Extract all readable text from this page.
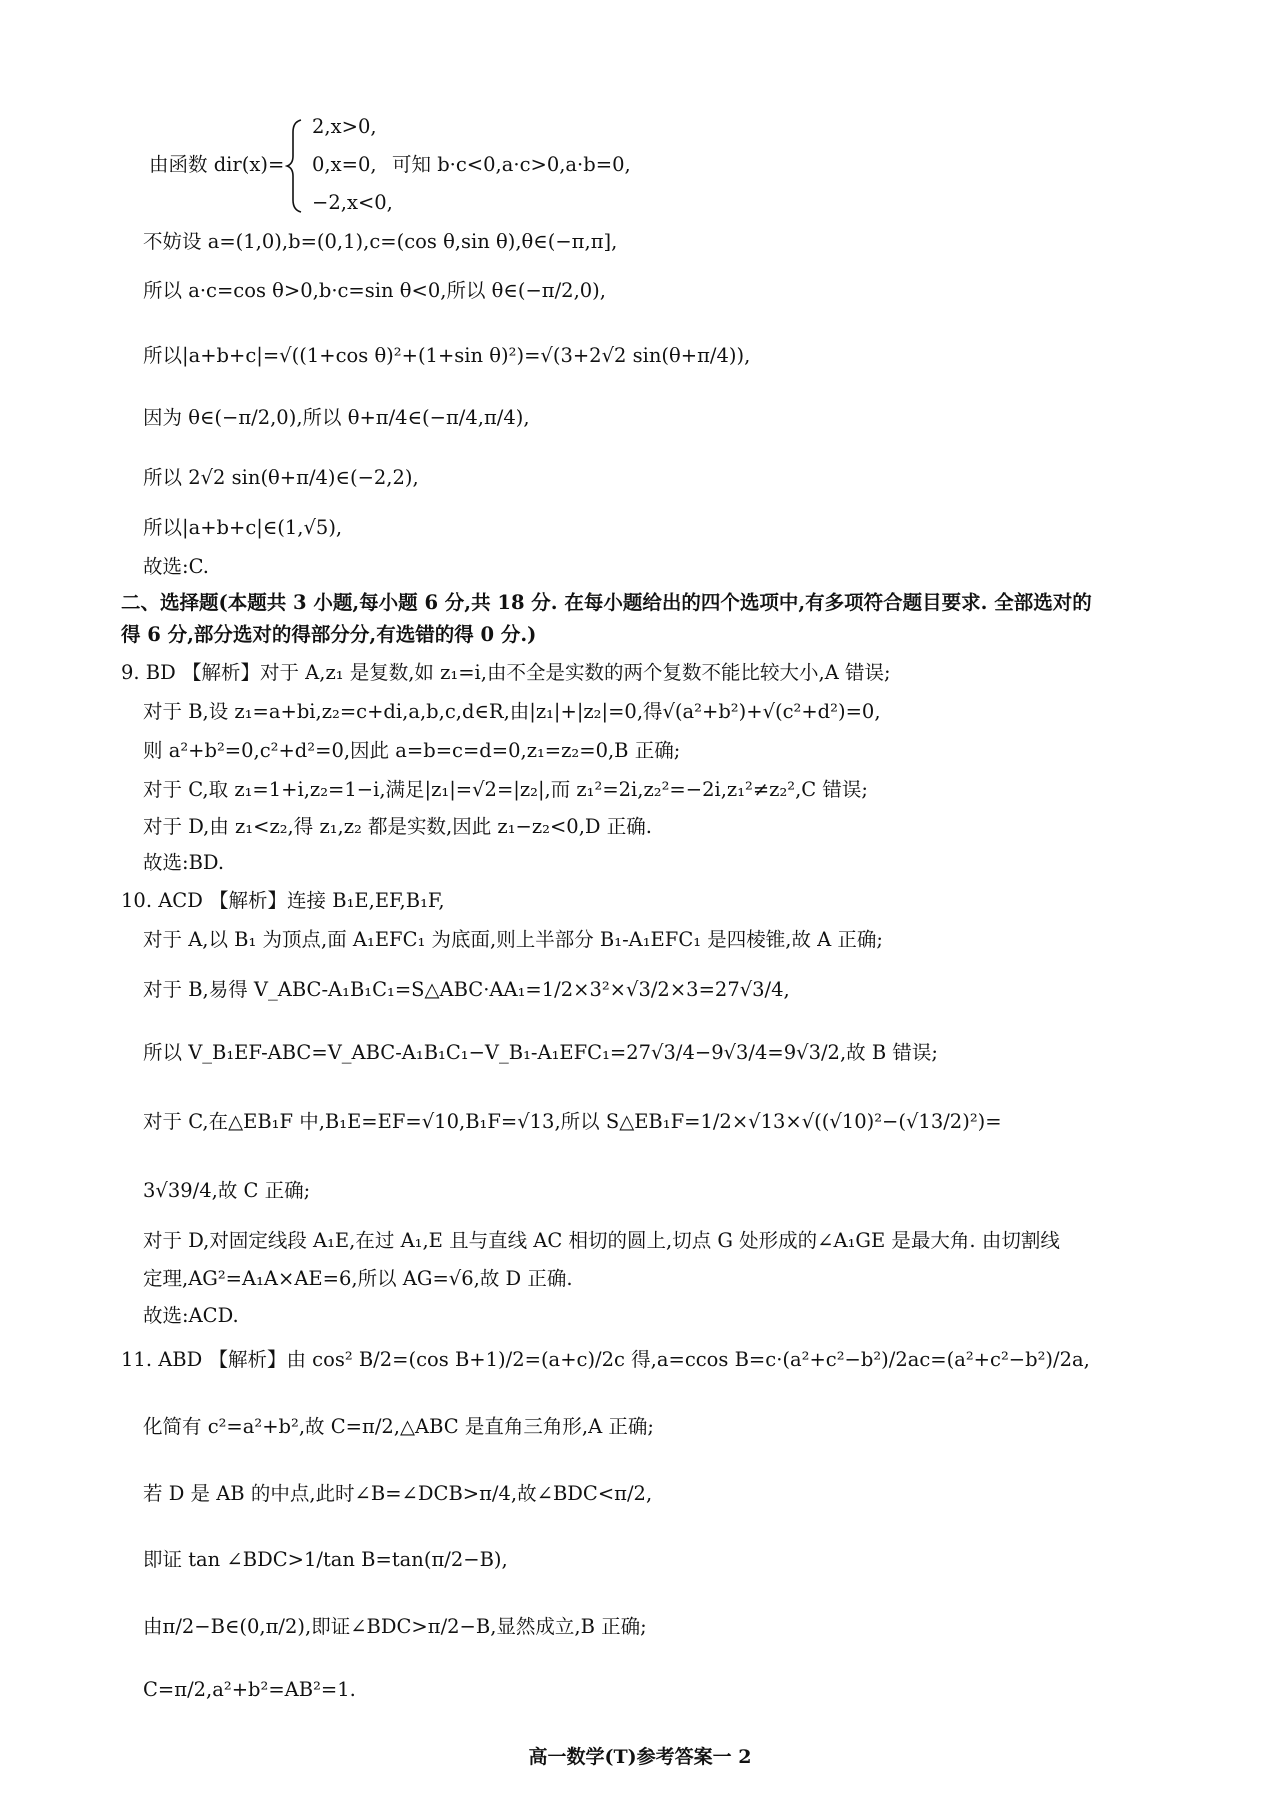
由函数 dir(x)=
2,x>0,
0,x=0,
−2,x<0,
可知 b·c<0,a·c>0,a·b=0,
不妨设 a=(1,0),b=(0,1),c=(cos θ,sin θ),θ∈(−π,π],
所以 a·c=cos θ>0,b·c=sin θ<0,所以 θ∈(−π/2,0),
所以|a+b+c|=√((1+cos θ)²+(1+sin θ)²)=√(3+2√2 sin(θ+π/4)),
因为 θ∈(−π/2,0),所以 θ+π/4∈(−π/4,π/4),
所以 2√2 sin(θ+π/4)∈(−2,2),
所以|a+b+c|∈(1,√5),
故选:C.
二、选择题(本题共 3 小题,每小题 6 分,共 18 分. 在每小题给出的四个选项中,有多项符合题目要求. 全部选对的
得 6 分,部分选对的得部分分,有选错的得 0 分.)
9. BD 【解析】对于 A,z₁ 是复数,如 z₁=i,由不全是实数的两个复数不能比较大小,A 错误;
对于 B,设 z₁=a+bi,z₂=c+di,a,b,c,d∈R,由|z₁|+|z₂|=0,得√(a²+b²)+√(c²+d²)=0,
则 a²+b²=0,c²+d²=0,因此 a=b=c=d=0,z₁=z₂=0,B 正确;
对于 C,取 z₁=1+i,z₂=1−i,满足|z₁|=√2=|z₂|,而 z₁²=2i,z₂²=−2i,z₁²≠z₂²,C 错误;
对于 D,由 z₁<z₂,得 z₁,z₂ 都是实数,因此 z₁−z₂<0,D 正确.
故选:BD.
10. ACD 【解析】连接 B₁E,EF,B₁F,
对于 A,以 B₁ 为顶点,面 A₁EFC₁ 为底面,则上半部分 B₁-A₁EFC₁ 是四棱锥,故 A 正确;
对于 B,易得 V_ABC-A₁B₁C₁=S△ABC·AA₁=1/2×3²×√3/2×3=27√3/4,
所以 V_B₁EF-ABC=V_ABC-A₁B₁C₁−V_B₁-A₁EFC₁=27√3/4−9√3/4=9√3/2,故 B 错误;
对于 C,在△EB₁F 中,B₁E=EF=√10,B₁F=√13,所以 S△EB₁F=1/2×√13×√((√10)²−(√13/2)²)=
3√39/4,故 C 正确;
对于 D,对固定线段 A₁E,在过 A₁,E 且与直线 AC 相切的圆上,切点 G 处形成的∠A₁GE 是最大角. 由切割线
定理,AG²=A₁A×AE=6,所以 AG=√6,故 D 正确.
故选:ACD.
11. ABD 【解析】由 cos² B/2=(cos B+1)/2=(a+c)/2c 得,a=ccos B=c·(a²+c²−b²)/2ac=(a²+c²−b²)/2a,
化简有 c²=a²+b²,故 C=π/2,△ABC 是直角三角形,A 正确;
若 D 是 AB 的中点,此时∠B=∠DCB>π/4,故∠BDC<π/2,
即证 tan ∠BDC>1/tan B=tan(π/2−B),
由π/2−B∈(0,π/2),即证∠BDC>π/2−B,显然成立,B 正确;
C=π/2,a²+b²=AB²=1.
高一数学(T)参考答案一 2
